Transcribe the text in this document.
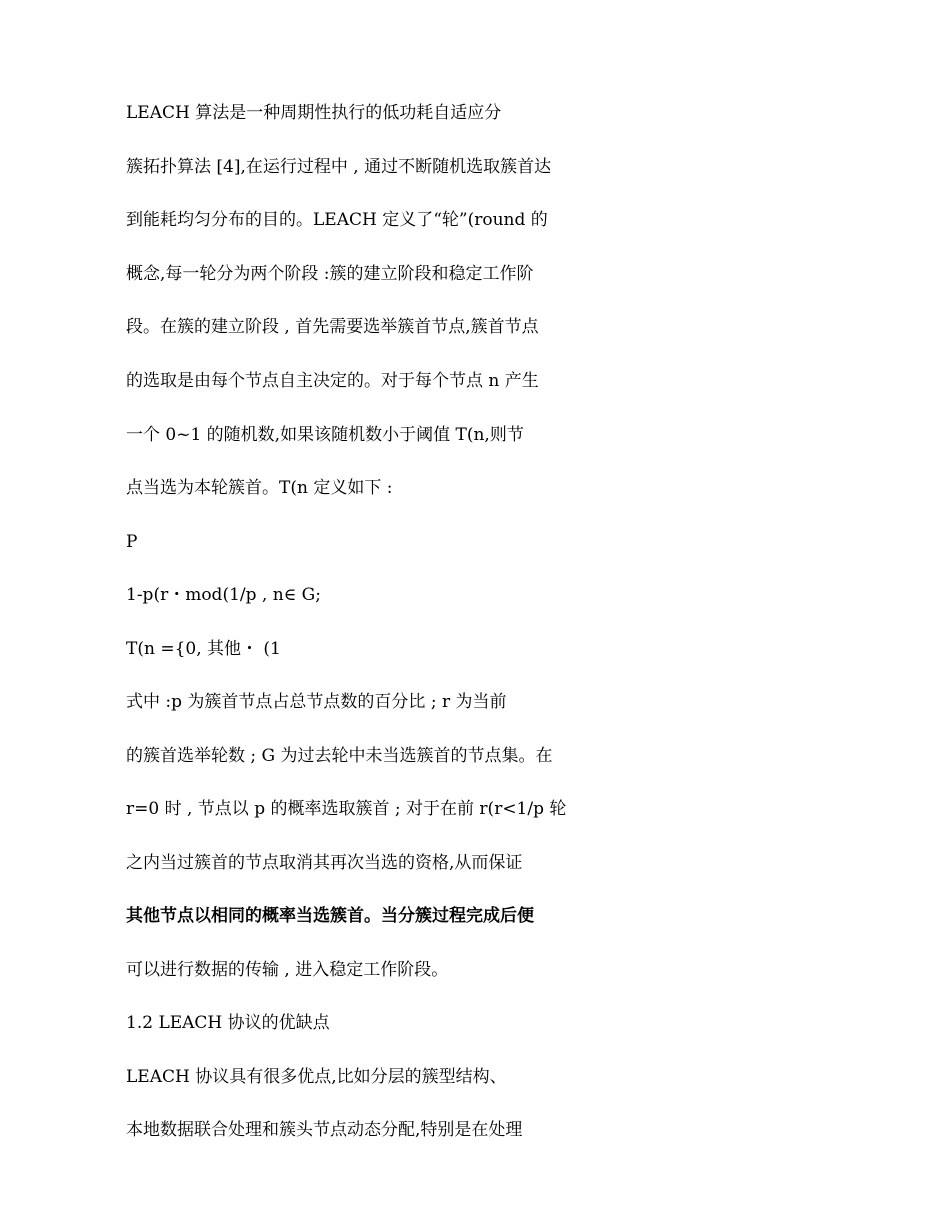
LEACH 算法是一种周期性执行的低功耗自适应分
簇拓扑算法 [4],在运行过程中 , 通过不断随机选取簇首达
到能耗均匀分布的目的。LEACH 定义了“轮”(round 的
概念,每一轮分为两个阶段 :簇的建立阶段和稳定工作阶
段。在簇的建立阶段 , 首先需要选举簇首节点,簇首节点
的选取是由每个节点自主决定的。对于每个节点 n 产生
一个 0~1 的随机数,如果该随机数小于阈值 T(n,则节
点当选为本轮簇首。T(n 定义如下 :
P
1-p(r・mod(1/p , n∈ G;
T(n ={0, 其他・ (1
式中 :p 为簇首节点占总节点数的百分比 ; r 为当前
的簇首选举轮数 ; G 为过去轮中未当选簇首的节点集。在
r=0 时 , 节点以 p 的概率选取簇首 ; 对于在前 r(r<1/p 轮
之内当过簇首的节点取消其再次当选的资格,从而保证
其他节点以相同的概率当选簇首。当分簇过程完成后便
可以进行数据的传输 , 进入稳定工作阶段。
1.2 LEACH 协议的优缺点
LEACH 协议具有很多优点,比如分层的簇型结构、
本地数据联合处理和簇头节点动态分配,特别是在处理
